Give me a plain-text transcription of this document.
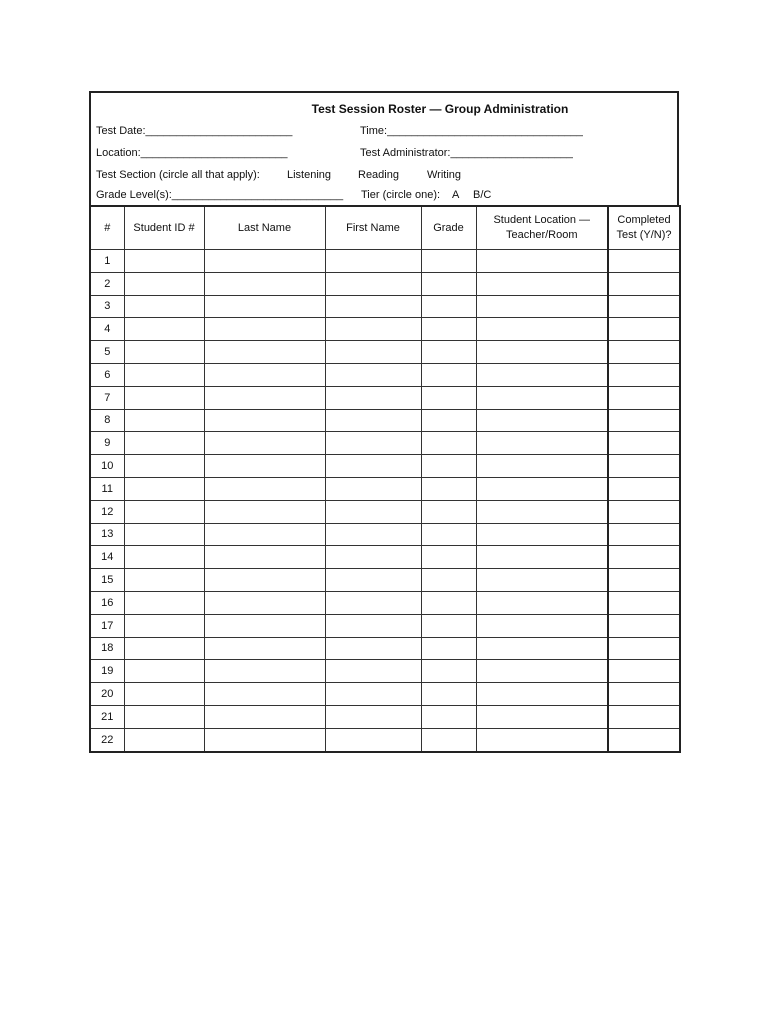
Test Session Roster — Group Administration
Test Date:________________________	Time:________________________________
Location:________________________	Test Administrator:____________________
Test Section (circle all that apply): Listening Reading	Writing
Grade Level(s):____________________________ Tier (circle one): A B/C
#	Student ID #	Last Name	First Name	Grade	Student Location — Teacher/Room	Completed Test (Y/N)?
1						
2						
3						
4						
5						
6						
7						
8						
9						
10						
11						
12						
13						
14						
15						
16						
17						
18						
19						
20						
21						
22						
